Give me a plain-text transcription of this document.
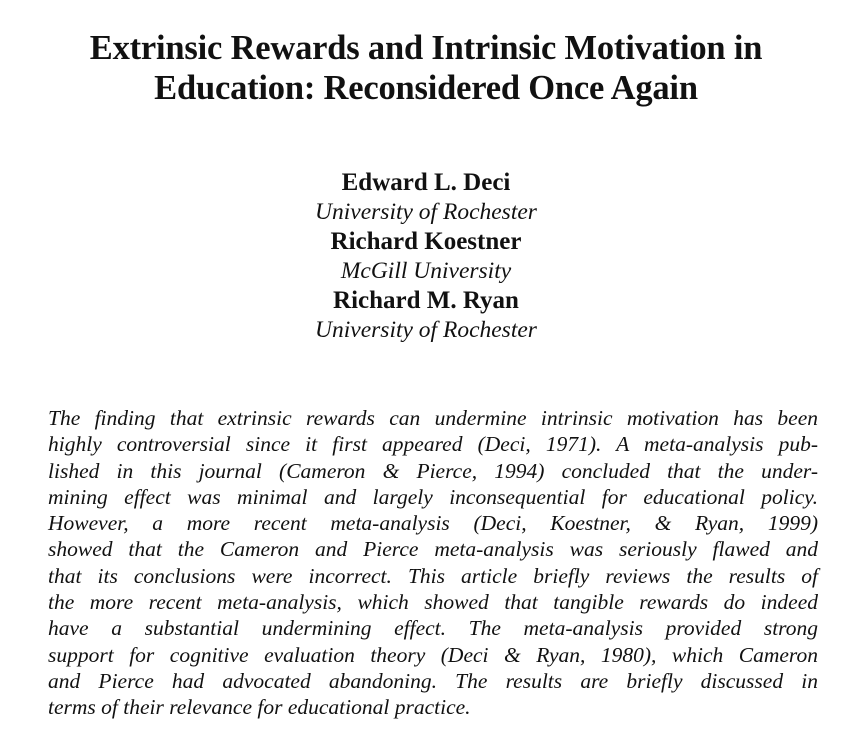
Extrinsic Rewards and Intrinsic Motivation in
Education: Reconsidered Once Again
Edward L. Deci
University of Rochester
Richard Koestner
McGill University
Richard M. Ryan
University of Rochester

The finding that extrinsic rewards can undermine intrinsic motivation has been
highly controversial since it first appeared (Deci, 1971). A meta-analysis pub-
lished in this journal (Cameron & Pierce, 1994) concluded that the under-
mining effect was minimal and largely inconsequential for educational policy.
However, a more recent meta-analysis (Deci, Koestner, & Ryan, 1999)
showed that the Cameron and Pierce meta-analysis was seriously flawed and
that its conclusions were incorrect. This article briefly reviews the results of
the more recent meta-analysis, which showed that tangible rewards do indeed
have a substantial undermining effect. The meta-analysis provided strong
support for cognitive evaluation theory (Deci & Ryan, 1980), which Cameron
and Pierce had advocated abandoning. The results are briefly discussed in
terms of their relevance for educational practice.
